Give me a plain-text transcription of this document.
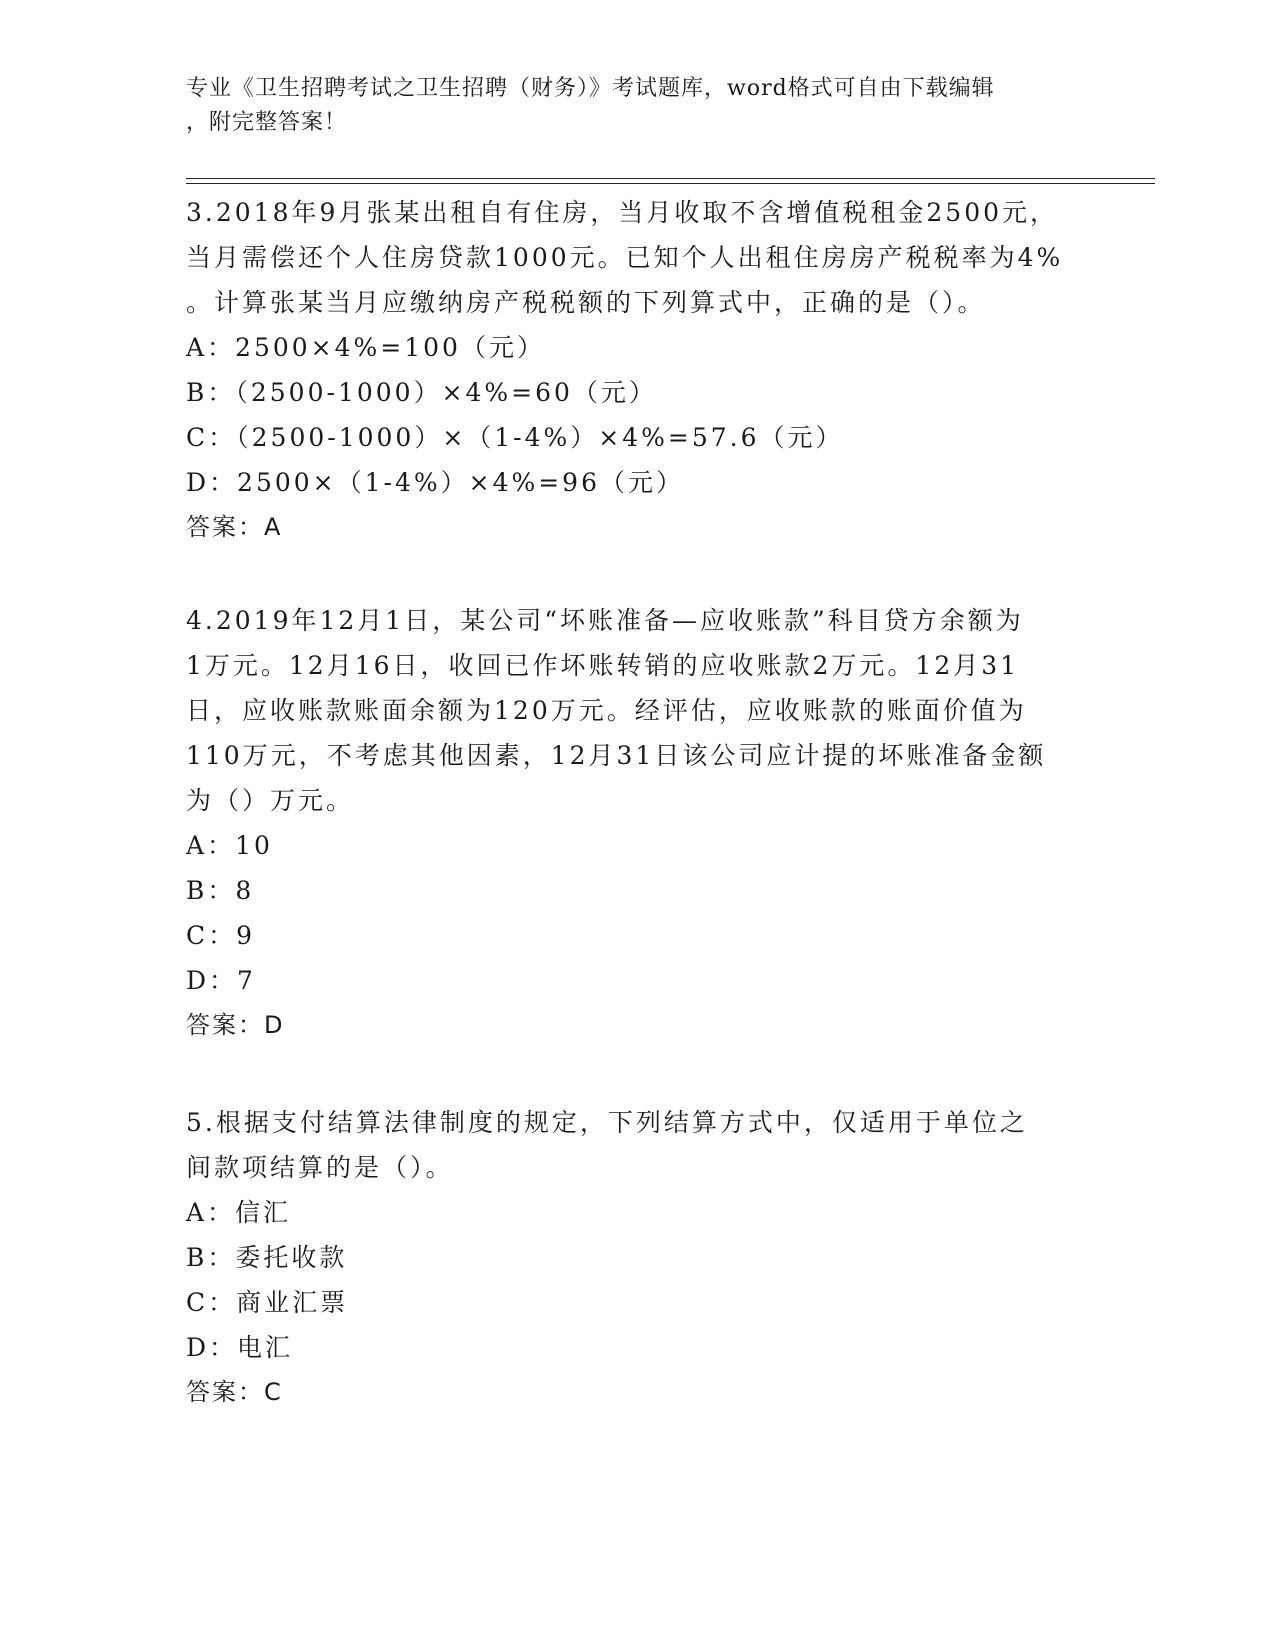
专业《卫生招聘考试之卫生招聘（财务）》考试题库，word格式可自由下载编辑
，附完整答案！
3.2018年9月张某出租自有住房，当月收取不含增值税租金2500元，
当月需偿还个人住房贷款1000元。已知个人出租住房房产税税率为4%
。计算张某当月应缴纳房产税税额的下列算式中，正确的是（）。
A：2500×4%=100（元）
B：（2500-1000）×4%=60（元）
C：（2500-1000）×（1-4%）×4%=57.6（元）
D：2500×（1-4%）×4%=96（元）
答案：A
4.2019年12月1日，某公司“坏账准备—应收账款”科目贷方余额为
1万元。12月16日，收回已作坏账转销的应收账款2万元。12月31
日，应收账款账面余额为120万元。经评估，应收账款的账面价值为
110万元，不考虑其他因素，12月31日该公司应计提的坏账准备金额
为（）万元。
A：10
B：8
C：9
D：7
答案：D
5.根据支付结算法律制度的规定，下列结算方式中，仅适用于单位之
间款项结算的是（）。
A：信汇
B：委托收款
C：商业汇票
D：电汇
答案：C
